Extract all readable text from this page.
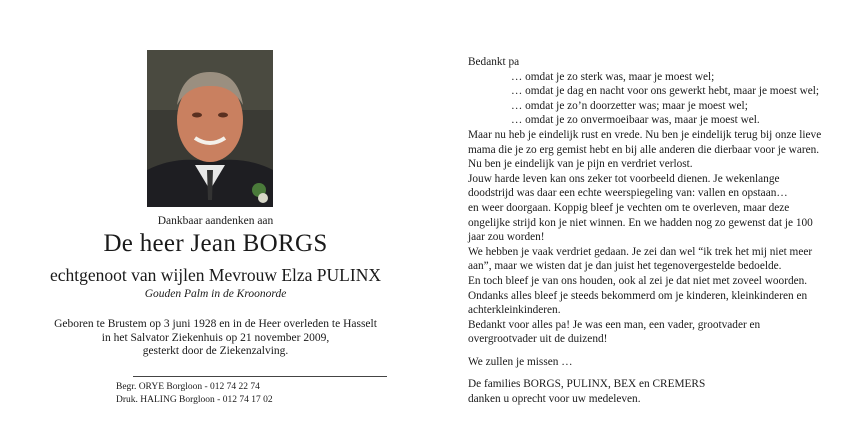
Dankbaar aandenken aan
De heer Jean BORGS
echtgenoot van wijlen Mevrouw Elza PULINX
Gouden Palm in de Kroonorde
Geboren te Brustem op 3 juni 1928 en in de Heer overleden te Hasselt
in het Salvator Ziekenhuis op 21 november 2009,
gesterkt door de Ziekenzalving.
Begr. ORYE Borgloon - 012 74 22 74
Druk. HALING Borgloon - 012 74 17 02
Bedankt pa
… omdat je zo sterk was, maar je moest wel;
… omdat je dag en nacht voor ons gewerkt hebt, maar je moest wel;
… omdat je zo’n doorzetter was; maar je moest wel;
… omdat je zo onvermoeibaar was, maar je moest wel.
Maar nu heb je eindelijk rust en vrede. Nu ben je eindelijk terug bij onze lieve
mama die je zo erg gemist hebt en bij alle anderen die dierbaar voor je waren.
Nu ben je eindelijk van je pijn en verdriet verlost.
Jouw harde leven kan ons zeker tot voorbeeld dienen. Je wekenlange
doodstrijd was daar een echte weerspiegeling van: vallen en opstaan…
en weer doorgaan. Koppig bleef je vechten om te overleven, maar deze
ongelijke strijd kon je niet winnen. En we hadden nog zo gewenst dat je 100
jaar zou worden!
We hebben je vaak verdriet gedaan. Je zei dan wel “ik trek het mij niet meer
aan”, maar we wisten dat je dan juist het tegenovergestelde bedoelde.
En toch bleef je van ons houden, ook al zei je dat niet met zoveel woorden.
Ondanks alles bleef je steeds bekommerd om je kinderen, kleinkinderen en
achterkleinkinderen.
Bedankt voor alles pa! Je was een man, een vader, grootvader en
overgrootvader uit de duizend!
We zullen je missen …
De families BORGS, PULINX, BEX en CREMERS
danken u oprecht voor uw medeleven.
